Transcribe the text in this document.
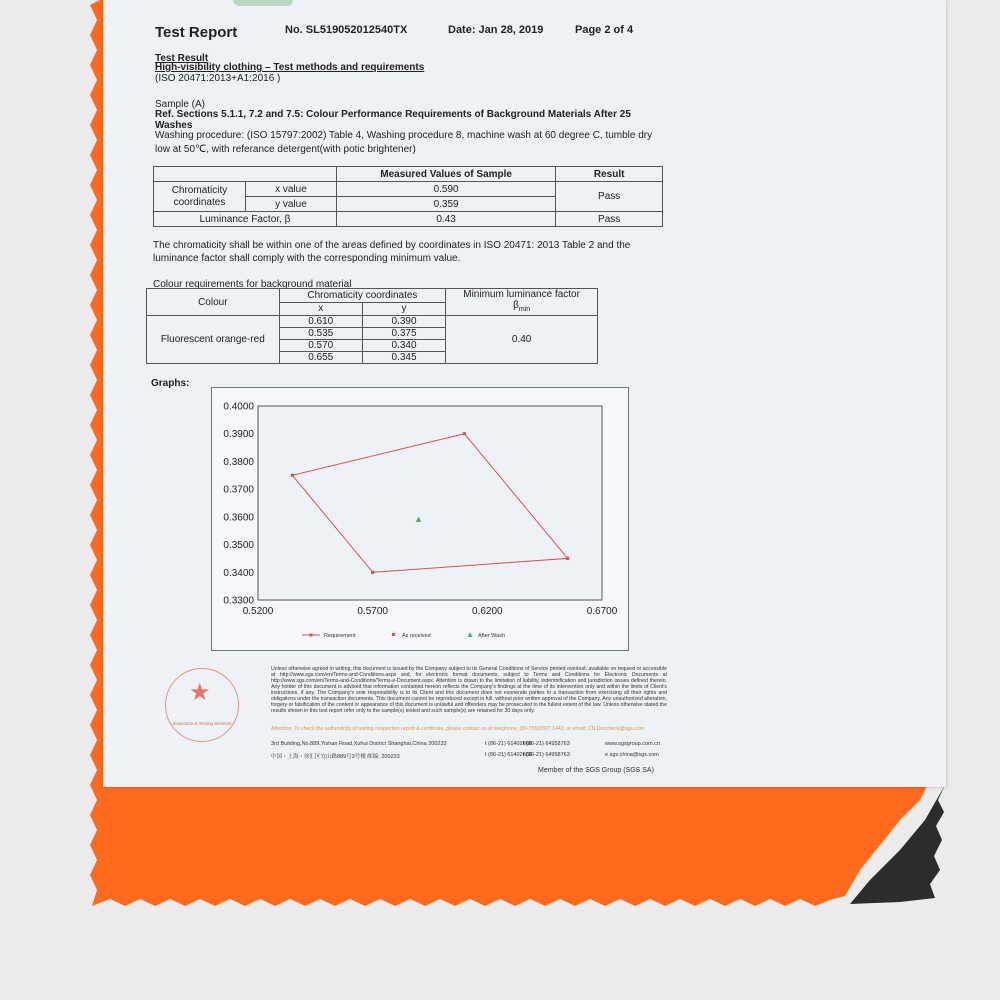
Test Report	No. SL519052012540TX	Date: Jan 28, 2019	Page 2 of 4
Test Result
High-visibility clothing – Test methods and requirements
(ISO 20471:2013+A1:2016 )
Sample (A)
Ref. Sections 5.1.1, 7.2 and 7.5: Colour Performance Requirements of Background Materials After 25
Washes
Washing procedure: (ISO 15797:2002) Table 4, Washing procedure 8, machine wash at 60 degree C, tumble dry
low at 50℃, with referance detergent(with potic brightener)
		Measured Values of Sample	Result
Chromaticity
coordinates	x value	0.590	Pass
	y value	0.359	
Luminance Factor, β		0.43	Pass
The chromaticity shall be within one of the areas defined by coordinates in ISO 20471: 2013 Table 2 and the
luminance factor shall comply with the corresponding minimum value.
Colour requirements for background material
Colour	Chromaticity coordinates		Minimum luminance factor
$\beta_{min}$
	x	y	
Fluorescent orange-red	0.610	0.390	0.40
	0.535	0.375	
	0.570	0.340	
	0.655	0.345	
Graphs:
0.4000
0.3900
0.3800
0.3700
0.3600
0.3500
0.3400
0.3300
0.5200	0.5700	0.6200	0.6700
Requirement	As received	After Wash
★
Inspection & Testing Services
Unless otherwise agreed in writing, this document is issued by the Company subject to its General Conditions of Service printed overleaf, available on request or accessible at http://www.sgs.com/en/Terms-and-Conditions.aspx and, for electronic format documents, subject to Terms and Conditions for Electronic Documents at http://www.sgs.com/en/Terms-and-Conditions/Terms-e-Document.aspx. Attention is drawn to the limitation of liability, indemnification and jurisdiction issues defined therein. Any holder of this document is advised that information contained hereon reflects the Company's findings at the time of its intervention only and within the limits of Client's instructions, if any. The Company's sole responsibility is to its Client and this document does not exonerate parties to a transaction from exercising all their rights and obligations under the transaction documents. This document cannot be reproduced except in full, without prior written approval of the Company. Any unauthorized alteration, forgery or falsification of the content or appearance of this document is unlawful and offenders may be prosecuted to the fullest extent of the law. Unless otherwise stated the results shown in this test report refer only to the sample(s) tested and such sample(s) are retained for 30 days only.
Attention: To check the authenticity of testing /inspection report & certificate, please contact us at telephone: (86-755)8307 1443, or email: CN.Doccheck@sgs.com
3rd Building,No.889,Yishan Road,Xuhui District Shanghai,China 200233	t (86-21) 61402666
f (86-21) 64958763	www.sgsgroup.com.cn
中国・上海・徐汇区宜山路889号3号楼 邮编: 200233	t (86-21) 61402666
f (86-21) 64958763	e sgs.china@sgs.com
Member of the SGS Group (SGS SA)
